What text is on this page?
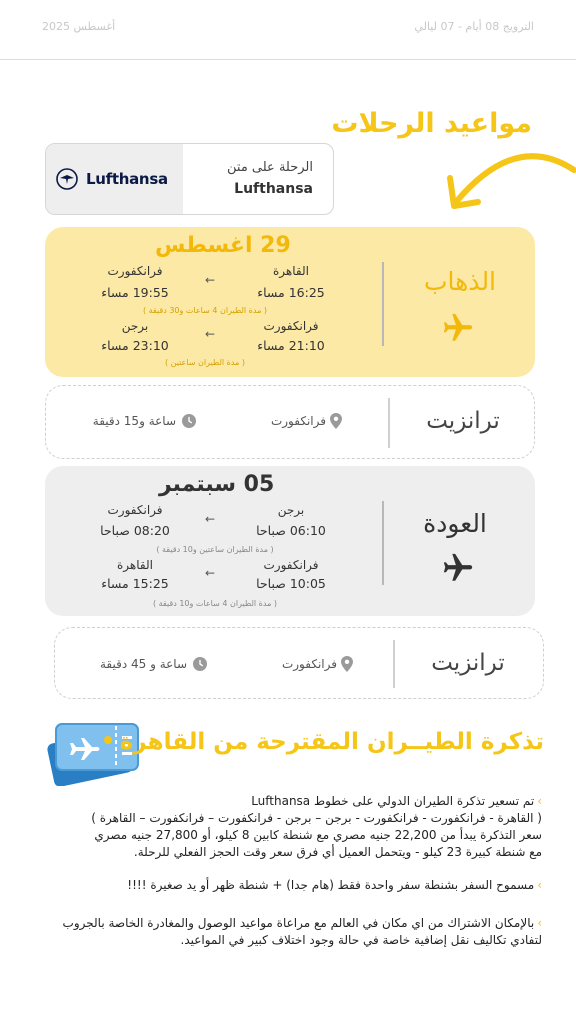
أغسطس 2025	الترويج 08 أيام - 07 ليالي
مواعيد الرحلات
Lufthansa
الرحلة على متن
Lufthansa
29 اغسطس
القاهرة
16:25 مساء
←
فرانكفورت
19:55 مساء
( مدة الطيران 4 ساعات و30 دقيقة )
فرانكفورت
21:10 مساء
←
برجن
23:10 مساء
( مدة الطيران ساعتين )
الذهاب
ترانزيت
فرانكفورت
ساعة و15 دقيقة
05 سبتمبر
برجن
06:10 صباحا
←
فرانكفورت
08:20 صباحا
( مدة الطيران ساعتين و10 دقيقة )
فرانكفورت
10:05 صباحا
←
القاهرة
15:25 مساء
( مدة الطيران 4 ساعات و10 دقيقة )
العودة
ترانزيت
فرانكفورت
ساعة و 45 دقيقة
تذكرة الطيــران المقترحة من القاهرة
›تم تسعير تذكرة الطيران الدولي على خطوط Lufthansa
( القاهرة - فرانكفورت - فرانكفورت - برجن – برجن - فرانكفورت – فرانكفورت – القاهرة )
سعر التذكرة يبدأ من 22,200 جنيه مصري مع شنطة كابين 8 كيلو، أو 27,800 جنيه مصري
مع شنطة كبيرة 23 كيلو - ويتحمل العميل أي فرق سعر وقت الحجز الفعلي للرحلة.
›مسموح السفر بشنطة سفر واحدة فقط (هام جدا) + شنطة ظهر أو يد صغيرة !!!!
›بالإمكان الاشتراك من اي مكان في العالم مع مراعاة مواعيد الوصول والمغادرة الخاصة بالجروب
لتفادي تكاليف نقل إضافية خاصة في حالة وجود اختلاف كبير في المواعيد.
